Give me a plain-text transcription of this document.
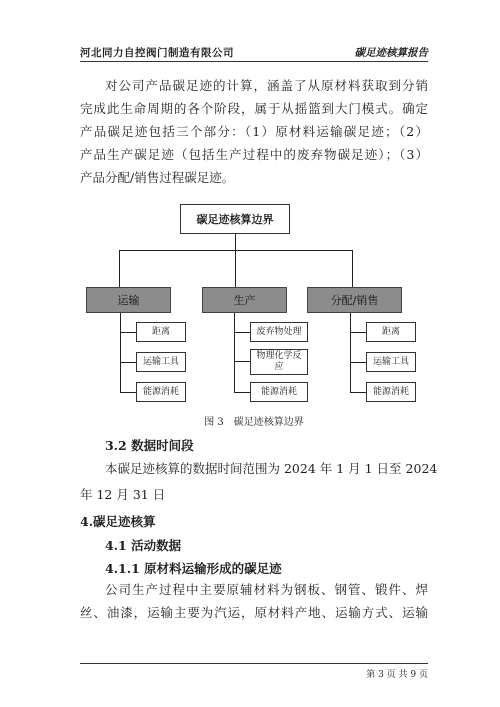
河北同力自控阀门制造有限公司	碳足迹核算报告

对公司产品碳足迹的计算，涵盖了从原材料获取到分销

完成此生命周期的各个阶段，属于从摇篮到大门模式。确定

产品碳足迹包括三个部分：（1）原材料运输碳足迹；（2）

产品生产碳足迹（包括生产过程中的废弃物碳足迹）；（3）

产品分配/销售过程碳足迹。

碳足迹核算边界
运输	生产	分配/销售
距离
运输工具
能源消耗
废弃物处理
物理化学反应
能源消耗
距离
运输工具
能源消耗
图 3　碳足迹核算边界
3.2 数据时间段
本碳足迹核算的数据时间范围为 2024 年 1 月 1 日至 2024
年 12 月 31 日
4.碳足迹核算
4.1 活动数据
4.1.1 原材料运输形成的碳足迹

公司生产过程中主要原辅材料为钢板、钢管、锻件、焊

丝、油漆，运输主要为汽运，原材料产地、运输方式、运输

第 3 页 共 9 页
